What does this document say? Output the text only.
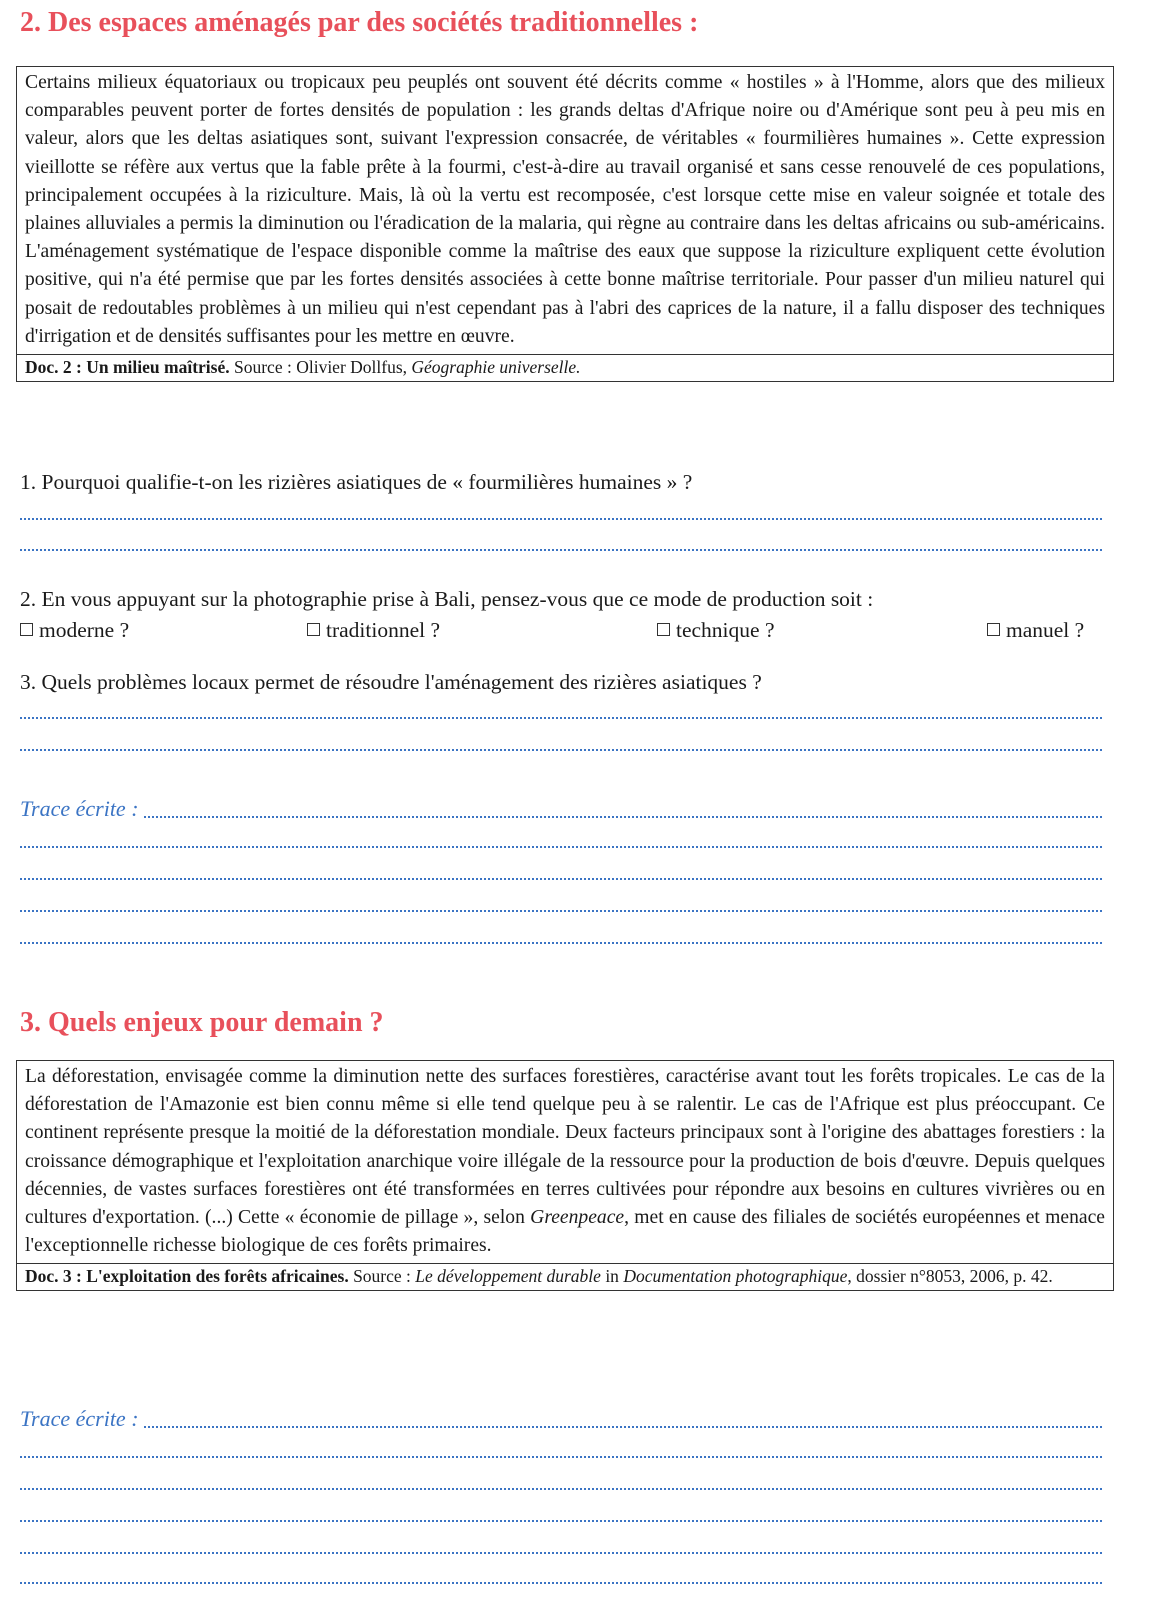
2. Des espaces aménagés par des sociétés traditionnelles :
Certains milieux équatoriaux ou tropicaux peu peuplés ont souvent été décrits comme « hostiles » à l'Homme, alors que des milieux comparables peuvent porter de fortes densités de population : les grands deltas d'Afrique noire ou d'Amérique sont peu à peu mis en valeur, alors que les deltas asiatiques sont, suivant l'expression consacrée, de véritables « fourmilières humaines ». Cette expression vieillotte se réfère aux vertus que la fable prête à la fourmi, c'est-à-dire au travail organisé et sans cesse renouvelé de ces populations, principalement occupées à la riziculture. Mais, là où la vertu est recomposée, c'est lorsque cette mise en valeur soignée et totale des plaines alluviales a permis la diminution ou l'éradication de la malaria, qui règne au contraire dans les deltas africains ou sub-américains. L'aménagement systématique de l'espace disponible comme la maîtrise des eaux que suppose la riziculture expliquent cette évolution positive, qui n'a été permise que par les fortes densités associées à cette bonne maîtrise territoriale. Pour passer d'un milieu naturel qui posait de redoutables problèmes à un milieu qui n'est cependant pas à l'abri des caprices de la nature, il a fallu disposer des techniques d'irrigation et de densités suffisantes pour les mettre en œuvre.
Doc. 2 : Un milieu maîtrisé. Source : Olivier Dollfus, Géographie universelle.

1. Pourquoi qualifie-t-on les rizières asiatiques de « fourmilières humaines » ?

2. En vous appuyant sur la photographie prise à Bali, pensez-vous que ce mode de production soit :

moderne ?	traditionnel ?	technique ?	manuel ?

3. Quels problèmes locaux permet de résoudre l'aménagement des rizières asiatiques ?

Trace écrite :
3. Quels enjeux pour demain ?
La déforestation, envisagée comme la diminution nette des surfaces forestières, caractérise avant tout les forêts tropicales. Le cas de la déforestation de l'Amazonie est bien connu même si elle tend quelque peu à se ralentir. Le cas de l'Afrique est plus préoccupant. Ce continent représente presque la moitié de la déforestation mondiale. Deux facteurs principaux sont à l'origine des abattages forestiers : la croissance démographique et l'exploitation anarchique voire illégale de la ressource pour la production de bois d'œuvre. Depuis quelques décennies, de vastes surfaces forestières ont été transformées en terres cultivées pour répondre aux besoins en cultures vivrières ou en cultures d'exportation. (...) Cette « économie de pillage », selon Greenpeace, met en cause des filiales de sociétés européennes et menace l'exceptionnelle richesse biologique de ces forêts primaires.
Doc. 3 : L'exploitation des forêts africaines. Source : Le développement durable in Documentation photographique, dossier n°8053, 2006, p. 42.
Trace écrite :
